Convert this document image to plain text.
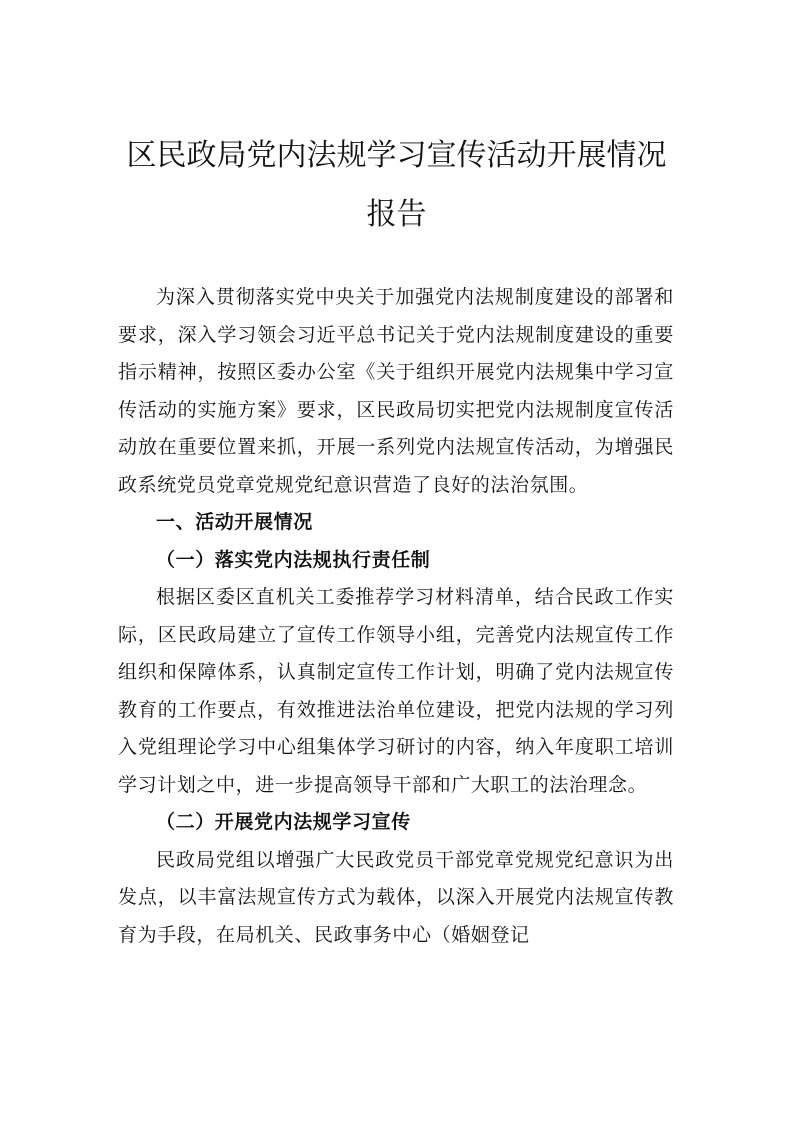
区民政局党内法规学习宣传活动开展情况
报告

为深入贯彻落实党中央关于加强党内法规制度建设的部署和要求，深入学习领会习近平总书记关于党内法规制度建设的重要指示精神，按照区委办公室《关于组织开展党内法规集中学习宣传活动的实施方案》要求，区民政局切实把党内法规制度宣传活动放在重要位置来抓，开展一系列党内法规宣传活动，为增强民政系统党员党章党规党纪意识营造了良好的法治氛围。

一、活动开展情况

（一）落实党内法规执行责任制

根据区委区直机关工委推荐学习材料清单，结合民政工作实际，区民政局建立了宣传工作领导小组，完善党内法规宣传工作组织和保障体系，认真制定宣传工作计划，明确了党内法规宣传教育的工作要点，有效推进法治单位建设，把党内法规的学习列入党组理论学习中心组集体学习研讨的内容，纳入年度职工培训学习计划之中，进一步提高领导干部和广大职工的法治理念。

（二）开展党内法规学习宣传

民政局党组以增强广大民政党员干部党章党规党纪意识为出发点，以丰富法规宣传方式为载体，以深入开展党内法规宣传教育为手段，在局机关、民政事务中心（婚姻登记
